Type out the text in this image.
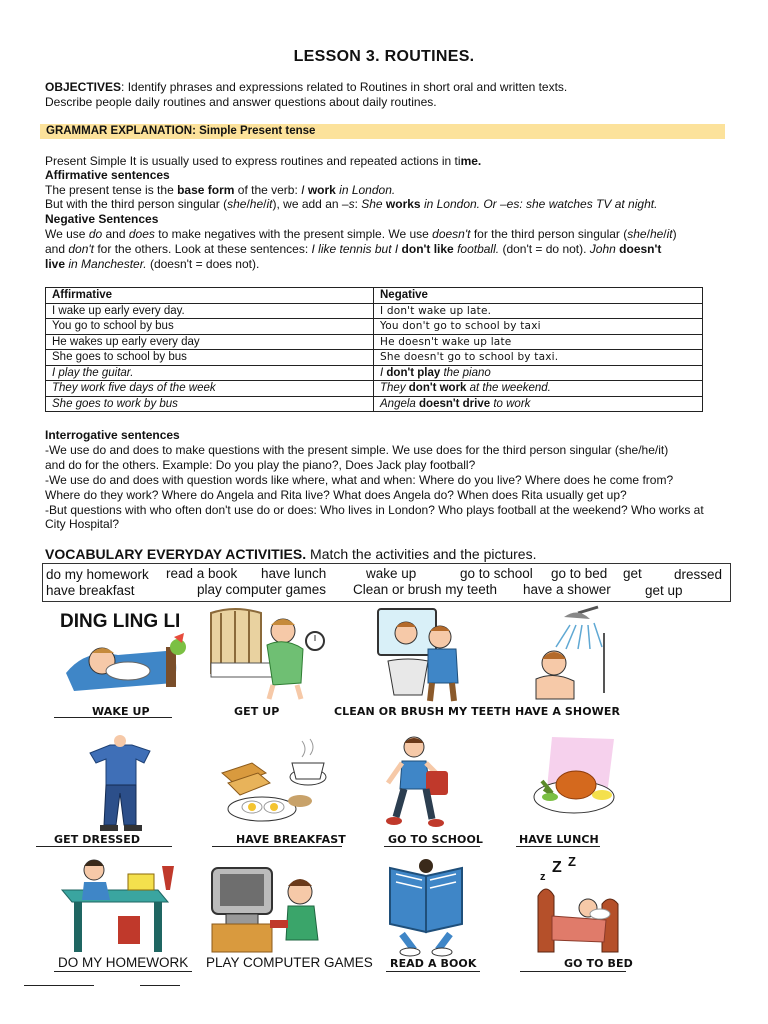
LESSON 3. ROUTINES.
OBJECTIVES: Identify phrases and expressions related to Routines in short oral and written texts.
Describe people daily routines and answer questions about daily routines.
GRAMMAR EXPLANATION: Simple Present tense
Present Simple It is usually used to express routines and repeated actions in time.
Affirmative sentences
The present tense is the base form of the verb: I work in London.
But with the third person singular (she/he/it), we add an –s: She works in London. Or –es: she watches TV at night.
Negative Sentences
We use do and does to make negatives with the present simple. We use doesn't for the third person singular (she/he/it)
and don't for the others. Look at these sentences: I like tennis but I don't like football. (don't = do not). John doesn't
live in Manchester. (doesn't = does not).
Affirmative	Negative
I wake up early every day.	I don't wake up late.
You go to school by bus	You don't go to school by taxi
He wakes up early every day	He doesn't wake up late
She goes to school by bus	She doesn't go to school by taxi.
I play the guitar.	I don't play the piano
They work five days of the week	They don't work at the weekend.
She goes to work by bus	Angela doesn't drive to work
Interrogative sentences
-We use do and does to make questions with the present simple. We use does for the third person singular (she/he/it)
and do for the others. Example: Do you play the piano?, Does Jack play football?
-We use do and does with question words like where, what and when: Where do you live? Where does he come from?
Where do they work? Where do Angela and Rita live? What does Angela do? When does Rita usually get up?
-But questions with who often don't use do or does: Who lives in London? Who plays football at the weekend? Who works at
City Hospital?
VOCABULARY EVERYDAY ACTIVITIES. Match the activities and the pictures.
do my homework read a book have lunch	wake up	go to school go to bed get dressed
have breakfast	play computer games Clean or brush my teeth have a shower	get up
DING LING LI
WAKE UP	GET UP	CLEAN OR BRUSH MY TEETH HAVE A SHOWER
GET DRESSED	HAVE BREAKFAST	GO TO SCHOOL	HAVE LUNCH
Z Z
z
DO MY HOMEWORK PLAY COMPUTER GAMES READ A BOOK	GO TO BED
